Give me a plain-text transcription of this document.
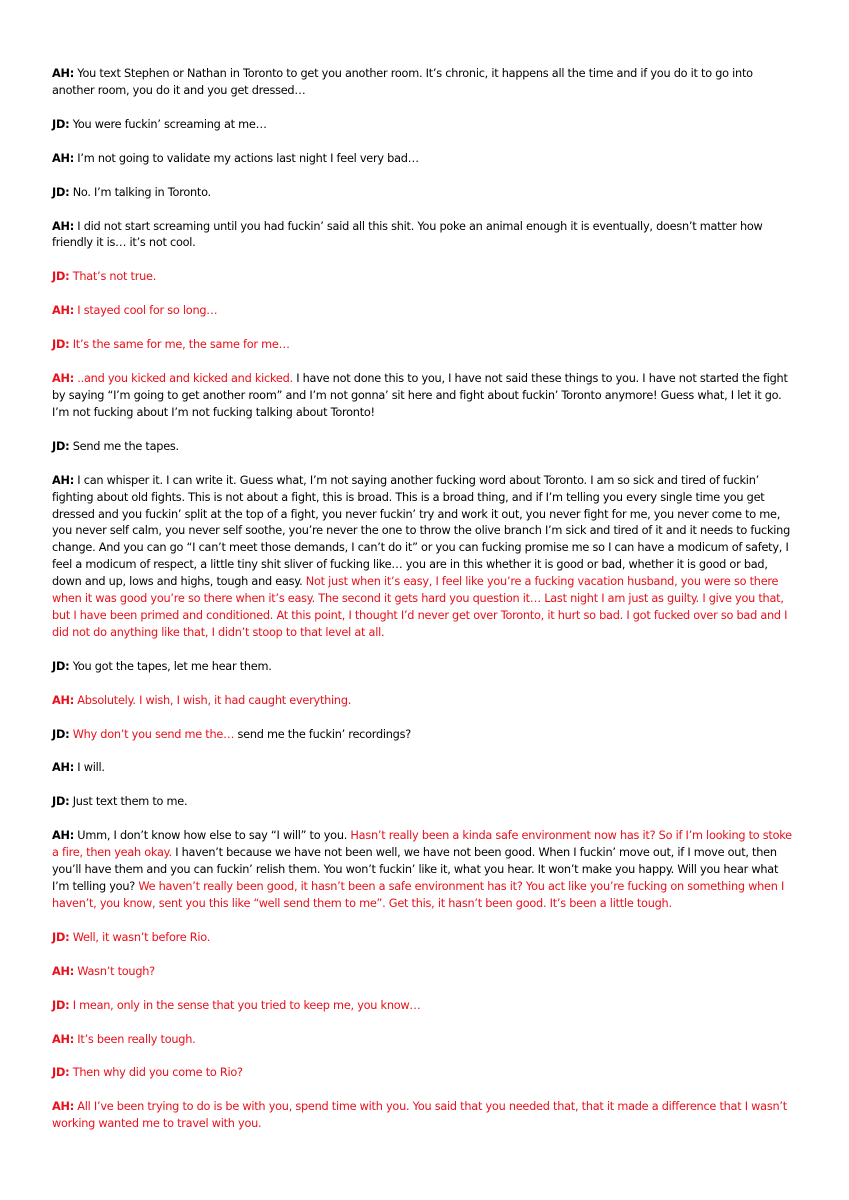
AH: You text Stephen or Nathan in Toronto to get you another room. It’s chronic, it happens all the time and if you do it to go into another room, you do it and you get dressed…

JD: You were fuckin’ screaming at me…

AH: I’m not going to validate my actions last night I feel very bad…

JD: No. I’m talking in Toronto.

AH: I did not start screaming until you had fuckin’ said all this shit. You poke an animal enough it is eventually, doesn’t matter how friendly it is… it’s not cool.

JD: That’s not true.

AH: I stayed cool for so long…

JD: It’s the same for me, the same for me…

AH: ..and you kicked and kicked and kicked. I have not done this to you, I have not said these things to you. I have not started the fight by saying “I’m going to get another room” and I’m not gonna’ sit here and fight about fuckin’ Toronto anymore! Guess what, I let it go. I’m not fucking about I’m not fucking talking about Toronto!

JD: Send me the tapes.

AH: I can whisper it. I can write it. Guess what, I’m not saying another fucking word about Toronto. I am so sick and tired of fuckin’ fighting about old fights. This is not about a fight, this is broad. This is a broad thing, and if I’m telling you every single time you get dressed and you fuckin’ split at the top of a fight, you never fuckin’ try and work it out, you never fight for me, you never come to me, you never self calm, you never self soothe, you’re never the one to throw the olive branch I’m sick and tired of it and it needs to fucking change. And you can go “I can’t meet those demands, I can’t do it” or you can fucking promise me so I can have a modicum of safety, I feel a modicum of respect, a little tiny shit sliver of fucking like… you are in this whether it is good or bad, whether it is good or bad, down and up, lows and highs, tough and easy. Not just when it’s easy, I feel like you’re a fucking vacation husband, you were so there when it was good you’re so there when it’s easy. The second it gets hard you question it… Last night I am just as guilty. I give you that, but I have been primed and conditioned. At this point, I thought I’d never get over Toronto, it hurt so bad. I got fucked over so bad and I did not do anything like that, I didn’t stoop to that level at all.

JD: You got the tapes, let me hear them.

AH: Absolutely. I wish, I wish, it had caught everything.

JD: Why don’t you send me the… send me the fuckin’ recordings?

AH: I will.

JD: Just text them to me.

AH: Umm, I don’t know how else to say “I will” to you. Hasn’t really been a kinda safe environment now has it? So if I’m looking to stoke a fire, then yeah okay. I haven’t because we have not been well, we have not been good. When I fuckin’ move out, if I move out, then you’ll have them and you can fuckin’ relish them. You won’t fuckin’ like it, what you hear. It won’t make you happy. Will you hear what I’m telling you? We haven’t really been good, it hasn’t been a safe environment has it? You act like you’re fucking on something when I haven’t, you know, sent you this like “well send them to me”. Get this, it hasn’t been good. It’s been a little tough.

JD: Well, it wasn’t before Rio.

AH: Wasn’t tough?

JD: I mean, only in the sense that you tried to keep me, you know…

AH: It’s been really tough.

JD: Then why did you come to Rio?

AH: All I’ve been trying to do is be with you, spend time with you. You said that you needed that, that it made a difference that I wasn’t working wanted me to travel with you.
